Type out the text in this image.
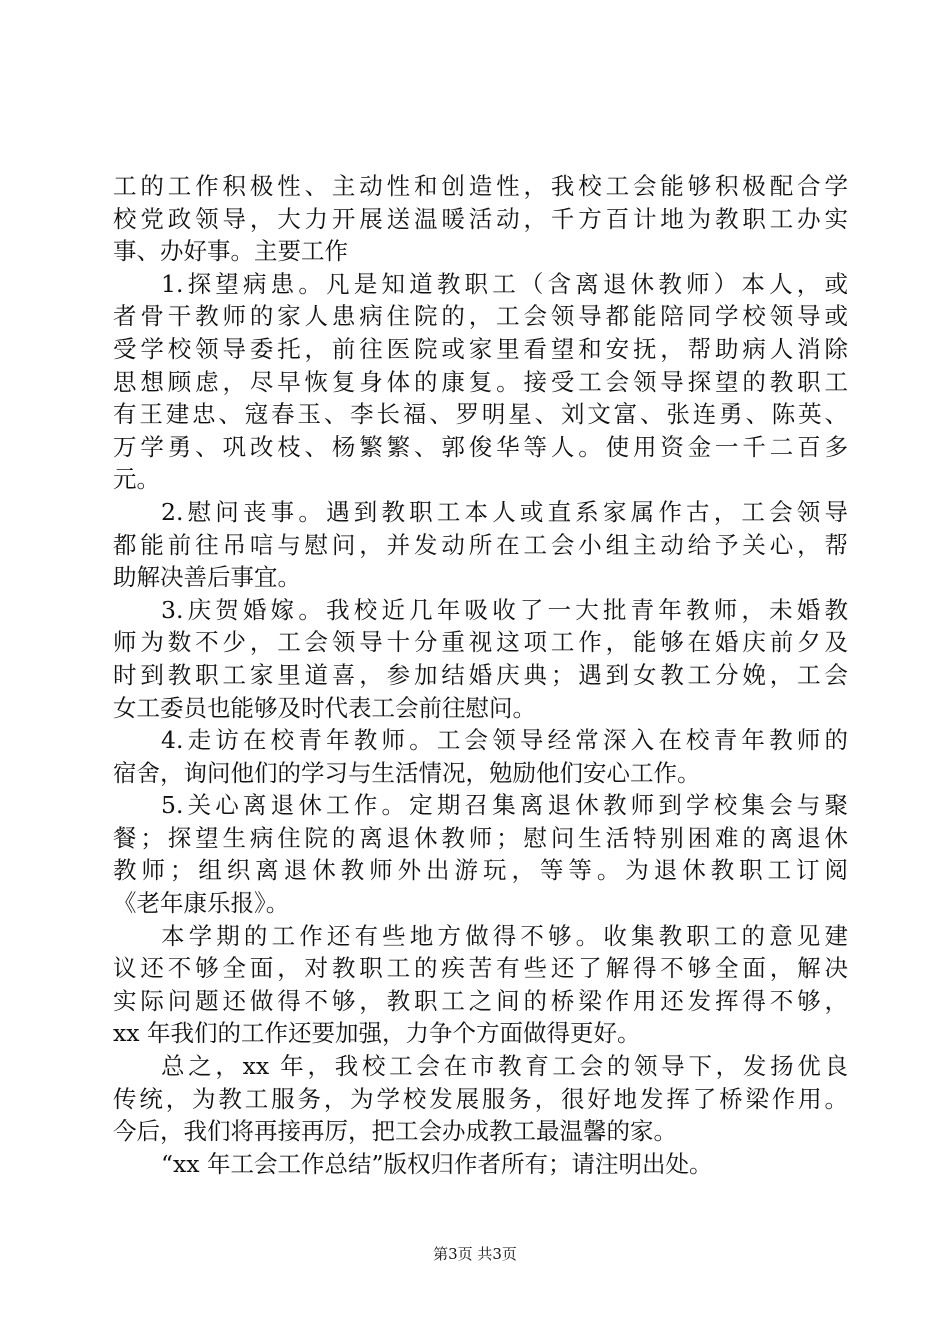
工的工作积极性、主动性和创造性，我校工会能够积极配合学
校党政领导，大力开展送温暖活动，千方百计地为教职工办实
事、办好事。主要工作
1.探望病患。凡是知道教职工（含离退休教师）本人，或
者骨干教师的家人患病住院的，工会领导都能陪同学校领导或
受学校领导委托，前往医院或家里看望和安抚，帮助病人消除
思想顾虑，尽早恢复身体的康复。接受工会领导探望的教职工
有王建忠、寇春玉、李长福、罗明星、刘文富、张连勇、陈英、
万学勇、巩改枝、杨繁繁、郭俊华等人。使用资金一千二百多
元。
2.慰问丧事。遇到教职工本人或直系家属作古，工会领导
都能前往吊唁与慰问，并发动所在工会小组主动给予关心，帮
助解决善后事宜。
3.庆贺婚嫁。我校近几年吸收了一大批青年教师，未婚教
师为数不少，工会领导十分重视这项工作，能够在婚庆前夕及
时到教职工家里道喜，参加结婚庆典；遇到女教工分娩，工会
女工委员也能够及时代表工会前往慰问。
4.走访在校青年教师。工会领导经常深入在校青年教师的
宿舍，询问他们的学习与生活情况，勉励他们安心工作。
5.关心离退休工作。定期召集离退休教师到学校集会与聚
餐；探望生病住院的离退休教师；慰问生活特别困难的离退休
教师；组织离退休教师外出游玩，等等。为退休教职工订阅
《老年康乐报》。
本学期的工作还有些地方做得不够。收集教职工的意见建
议还不够全面，对教职工的疾苦有些还了解得不够全面，解决
实际问题还做得不够，教职工之间的桥梁作用还发挥得不够，
xx 年我们的工作还要加强，力争个方面做得更好。
总之，xx 年，我校工会在市教育工会的领导下，发扬优良
传统，为教工服务，为学校发展服务，很好地发挥了桥梁作用。
今后，我们将再接再厉，把工会办成教工最温馨的家。
“xx 年工会工作总结”版权归作者所有；请注明出处。
第3页 共3页
